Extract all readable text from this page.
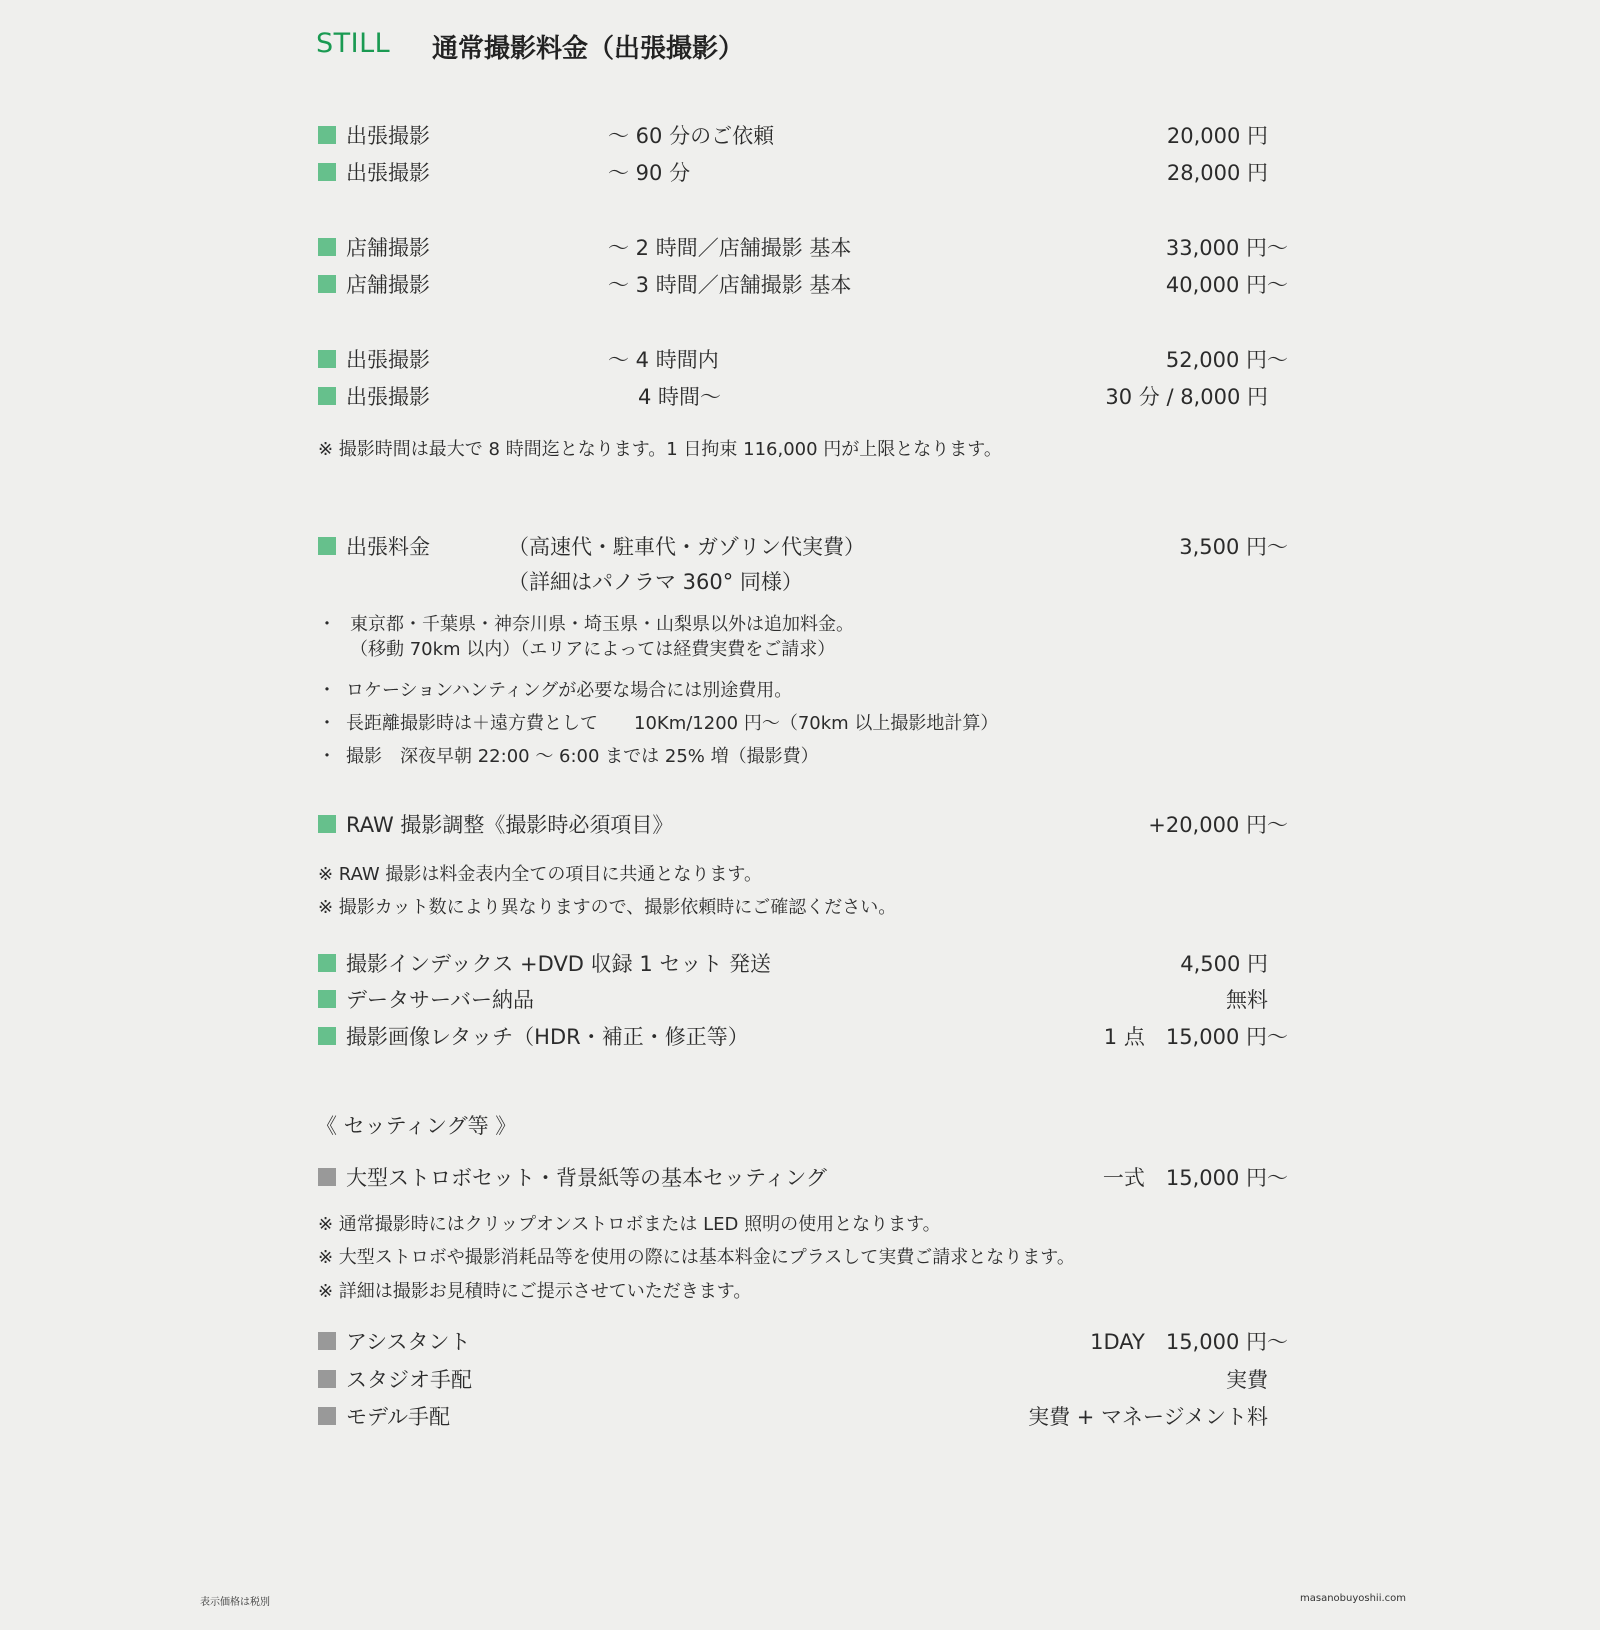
STILL 通常撮影料金（出張撮影）
出張撮影	～ 60 分のご依頼	20,000 円
出張撮影	～ 90 分	28,000 円
店舗撮影	～ 2 時間／店舗撮影 基本	33,000 円～
店舗撮影	～ 3 時間／店舗撮影 基本	40,000 円～
出張撮影	～ 4 時間内	52,000 円～
出張撮影	4 時間～	30 分 / 8,000 円
※ 撮影時間は最大で 8 時間迄となります。1 日拘束 116,000 円が上限となります。
出張料金	（高速代・駐車代・ガゾリン代実費）	3,500 円～
（詳細はパノラマ 360° 同様）
・ 東京都・千葉県・神奈川県・埼玉県・山梨県以外は追加料金。
（移動 70km 以内）（エリアによっては経費実費をご請求）
・ ロケーションハンティングが必要な場合には別途費用。
・ 長距離撮影時は＋遠方費として　　10Km/1200 円～（70km 以上撮影地計算）
・ 撮影　深夜早朝 22:00 ～ 6:00 までは 25% 増（撮影費）
RAW 撮影調整《撮影時必須項目》	+20,000 円～
※ RAW 撮影は料金表内全ての項目に共通となります。
※ 撮影カット数により異なりますので、撮影依頼時にご確認ください。
撮影インデックス +DVD 収録 1 セット 発送	4,500 円
データサーバー納品	無料
撮影画像レタッチ（HDR・補正・修正等）	1 点　15,000 円～
《 セッティング等 》
大型ストロボセット・背景紙等の基本セッティング	一式　15,000 円～
※ 通常撮影時にはクリップオンストロボまたは LED 照明の使用となります。
※ 大型ストロボや撮影消耗品等を使用の際には基本料金にプラスして実費ご請求となります。
※ 詳細は撮影お見積時にご提示させていただきます。
アシスタント	1DAY　15,000 円～
スタジオ手配	実費
モデル手配	実費 + マネージメント料
表示価格は税別	masanobuyoshii.com
